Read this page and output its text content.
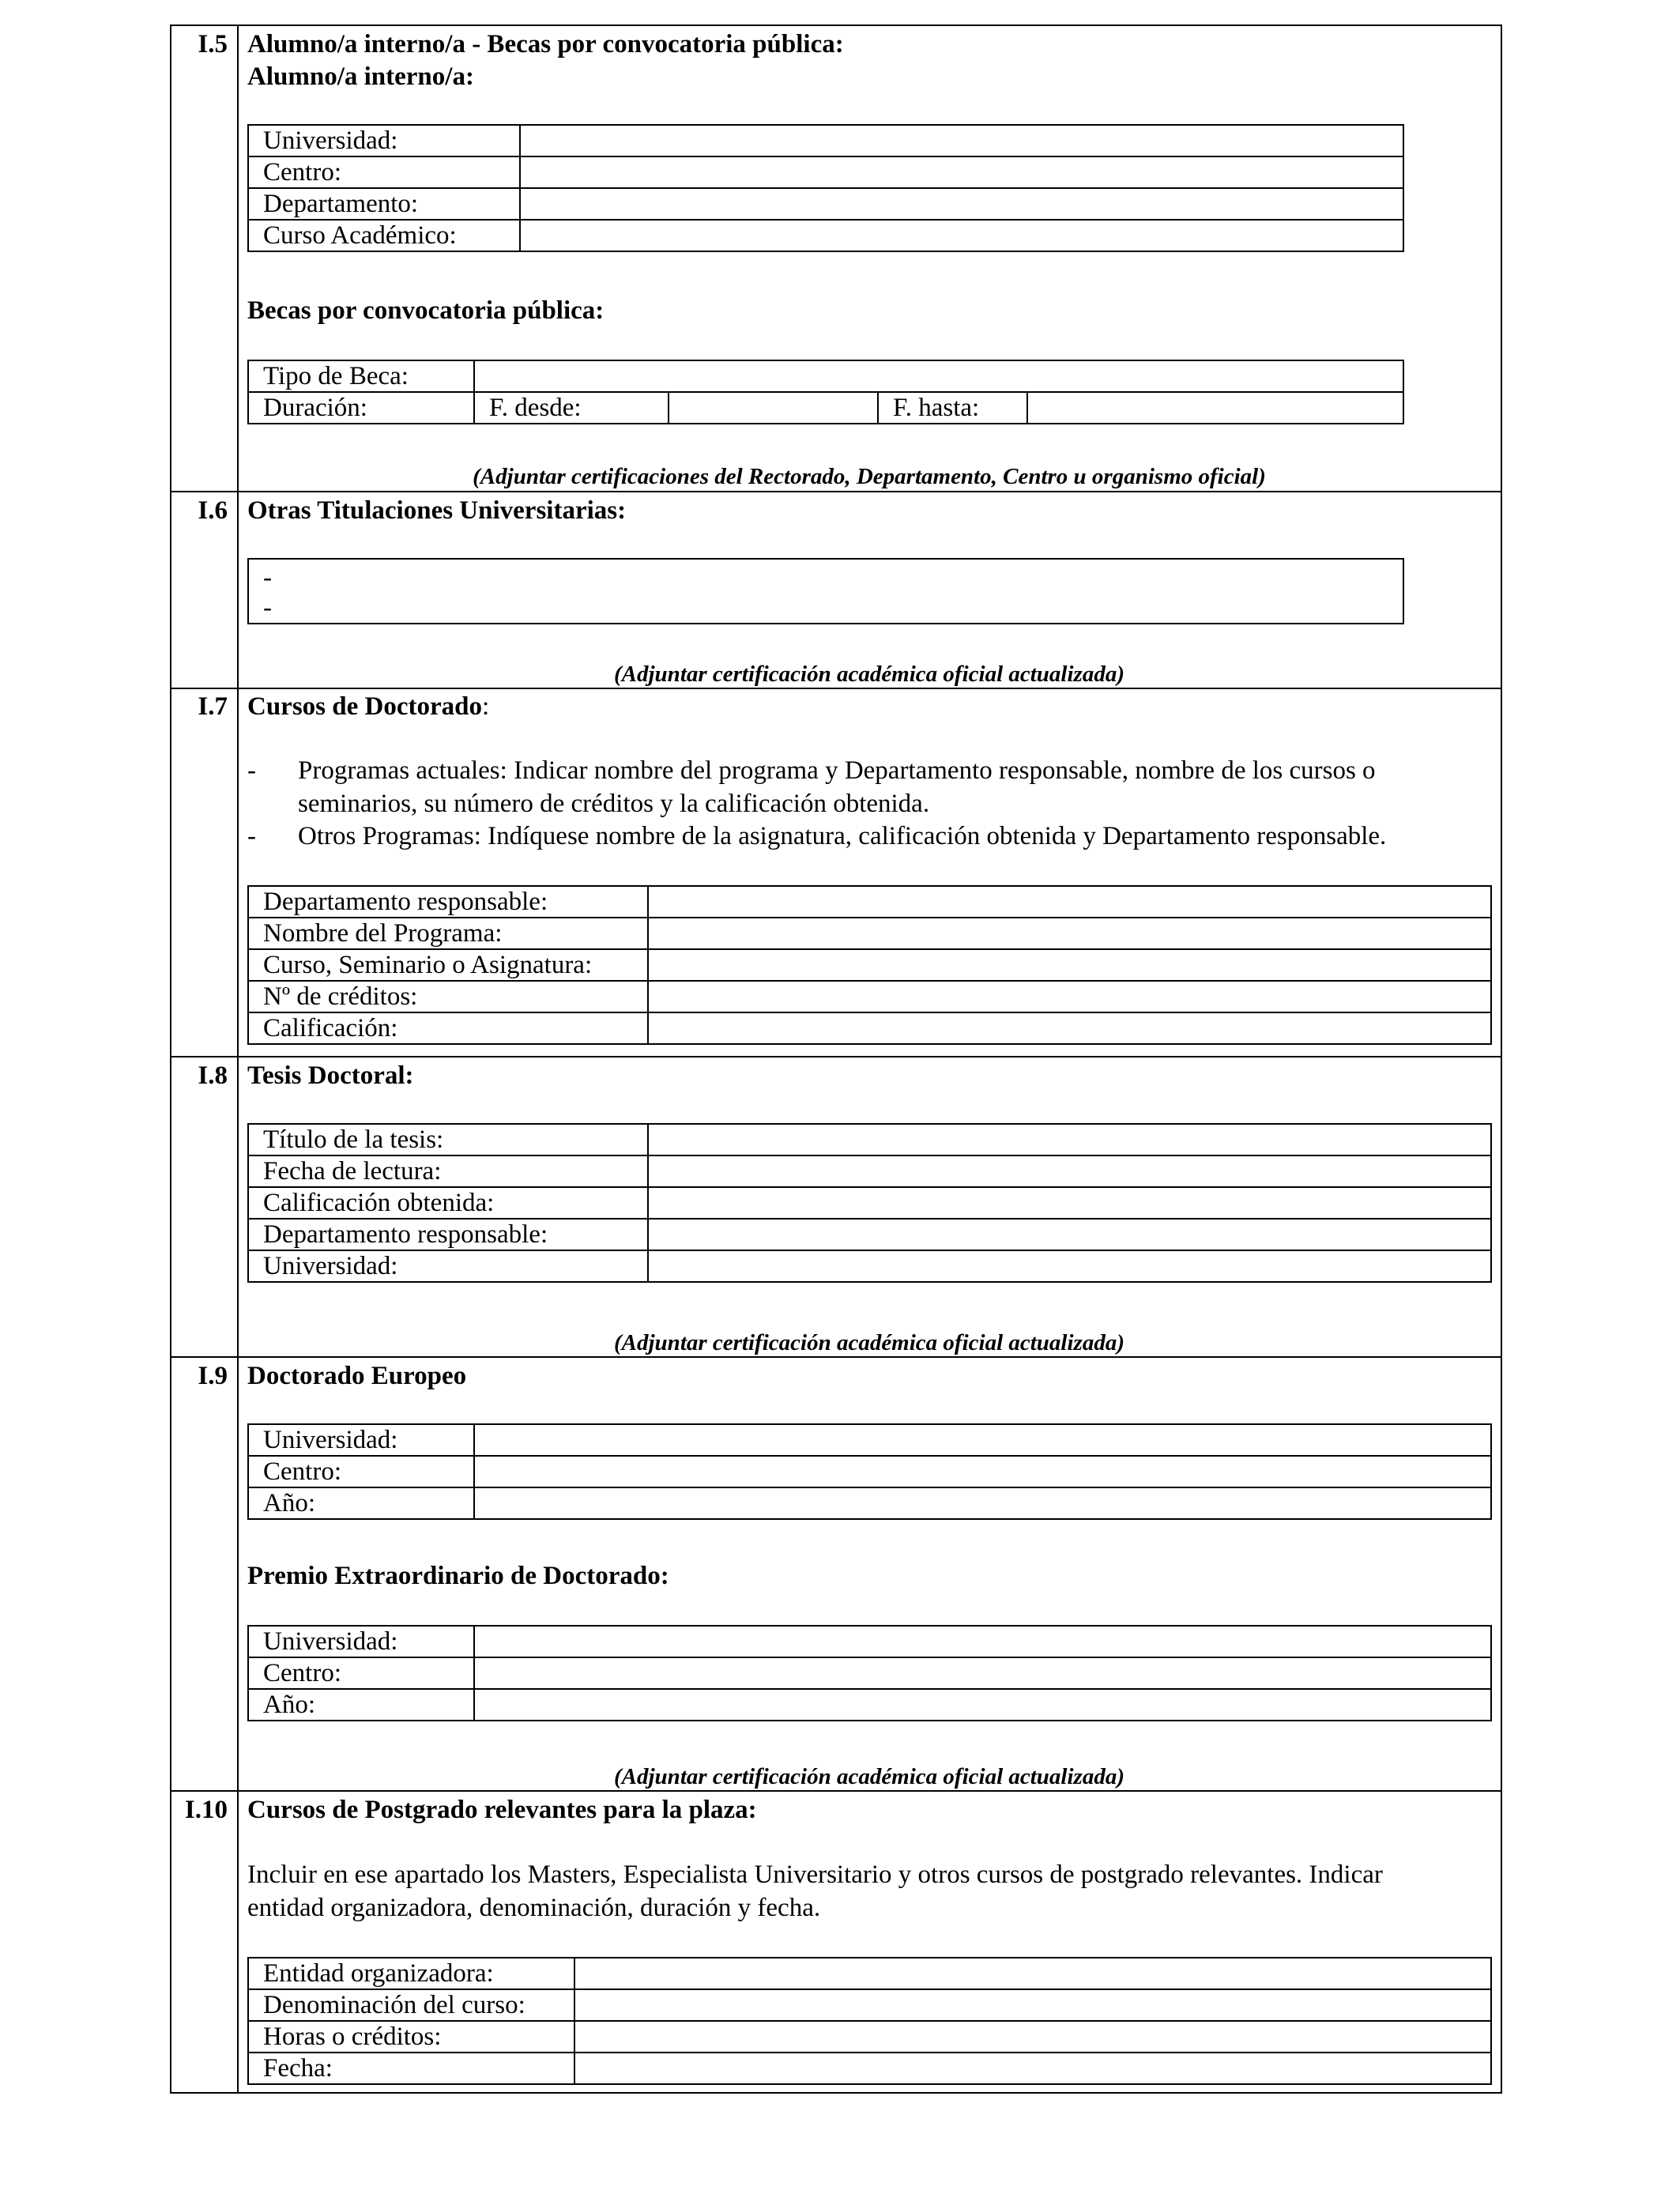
I.5 Alumno/a interno/a - Becas por convocatoria pública:
Alumno/a interno/a:
Universidad:	
Centro:	
Departamento:	
Curso Académico:	
Becas por convocatoria pública:
Tipo de Beca:				
Duración:	F. desde:		F. hasta:	
(Adjuntar certificaciones del Rectorado, Departamento, Centro u organismo oficial)
I.6 Otras Titulaciones Universitarias:
-
-
(Adjuntar certificación académica oficial actualizada)
I.7 Cursos de Doctorado:
- Programas actuales: Indicar nombre del programa y Departamento responsable, nombre de los cursos o
seminarios, su número de créditos y la calificación obtenida.
- Otros Programas: Indíquese nombre de la asignatura, calificación obtenida y Departamento responsable.
Departamento responsable:	
Nombre del Programa:	
Curso, Seminario o Asignatura:	
Nº de créditos:	
Calificación:	
I.8 Tesis Doctoral:
Título de la tesis:	
Fecha de lectura:	
Calificación obtenida:	
Departamento responsable:	
Universidad:	
(Adjuntar certificación académica oficial actualizada)
I.9 Doctorado Europeo
Universidad:	
Centro:	
Año:	
Premio Extraordinario de Doctorado:
Universidad:	
Centro:	
Año:	
(Adjuntar certificación académica oficial actualizada)
I.10 Cursos de Postgrado relevantes para la plaza:
Incluir en ese apartado los Masters, Especialista Universitario y otros cursos de postgrado relevantes. Indicar
entidad organizadora, denominación, duración y fecha.
Entidad organizadora:	
Denominación del curso:	
Horas o créditos:	
Fecha:	
